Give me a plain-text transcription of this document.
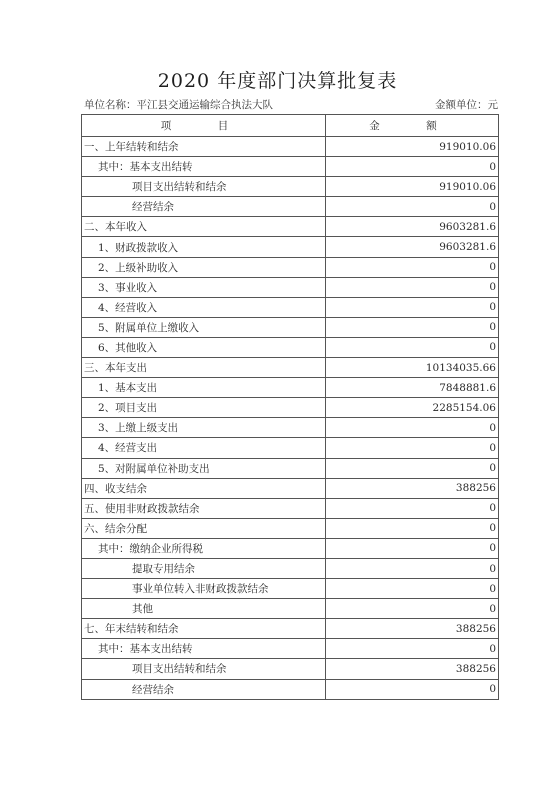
2020 年度部门决算批复表
单位名称：平江县交通运输综合执法大队	金额单位：元
项　目	金　额
一、上年结转和结余	919010.06
其中：基本支出结转	0
项目支出结转和结余	919010.06
经营结余	0
二、本年收入	9603281.6
1、财政拨款收入	9603281.6
2、上级补助收入	0
3、事业收入	0
4、经营收入	0
5、附属单位上缴收入	0
6、其他收入	0
三、本年支出	10134035.66
1、基本支出	7848881.6
2、项目支出	2285154.06
3、上缴上级支出	0
4、经营支出	0
5、对附属单位补助支出	0
四、收支结余	388256
五、使用非财政拨款结余	0
六、结余分配	0
其中：缴纳企业所得税	0
提取专用结余	0
事业单位转入非财政拨款结余	0
其他	0
七、年末结转和结余	388256
其中：基本支出结转	0
项目支出结转和结余	388256
经营结余	0
